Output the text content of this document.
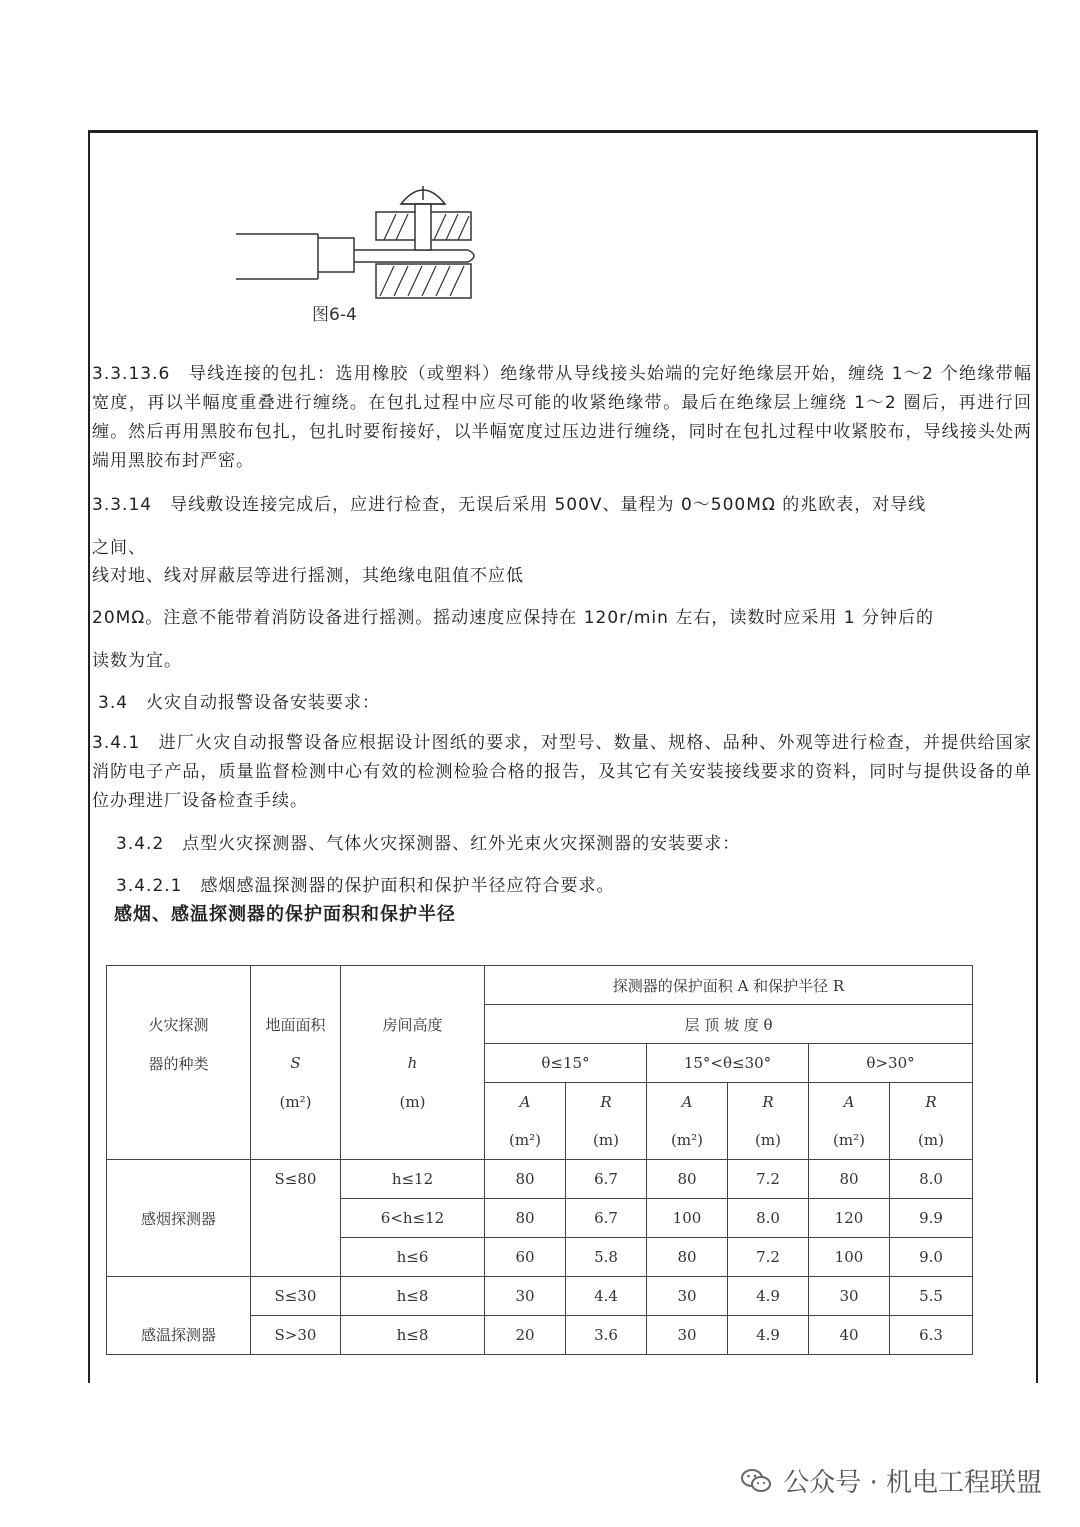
图6-4
3.3.13.6　导线连接的包扎：选用橡胶（或塑料）绝缘带从导线接头始端的完好绝缘层开始，缠绕 1～2 个绝缘带幅宽度，再以半幅度重叠进行缠绕。在包扎过程中应尽可能的收紧绝缘带。最后在绝缘层上缠绕 1～2 圈后，再进行回缠。然后再用黑胶布包扎，包扎时要衔接好，以半幅宽度过压边进行缠绕，同时在包扎过程中收紧胶布，导线接头处两端用黑胶布封严密。
3.3.14　导线敷设连接完成后，应进行检查，无误后采用 500V、量程为 0～500MΩ 的兆欧表，对导线
之间、
线对地、线对屏蔽层等进行摇测，其绝缘电阻值不应低
20MΩ。注意不能带着消防设备进行摇测。摇动速度应保持在 120r/min 左右，读数时应采用 1 分钟后的
读数为宜。
3.4　火灾自动报警设备安装要求：
3.4.1　进厂火灾自动报警设备应根据设计图纸的要求，对型号、数量、规格、品种、外观等进行检查，并提供给国家消防电子产品，质量监督检测中心有效的检测检验合格的报告，及其它有关安装接线要求的资料，同时与提供设备的单位办理进厂设备检查手续。
3.4.2　点型火灾探测器、气体火灾探测器、红外光束火灾探测器的安装要求：
3.4.2.1　感烟感温探测器的保护面积和保护半径应符合要求。
感烟、感温探测器的保护面积和保护半径
			探测器的保护面积 A 和保护半径 R					
火灾探测	地面面积	房间高度	层 顶 坡 度 θ					
器的种类	S	h	θ≤15°		15°<θ≤30°		θ>30°	
	(m²)	(m)	A	R	A	R	A	R
			(m²)	(m)	(m²)	(m)	(m²)	(m)
	S≤80	h≤12	80	6.7	80	7.2	80	8.0
感烟探测器		6<h≤12	80	6.7	100	8.0	120	9.9
		h≤6	60	5.8	80	7.2	100	9.0
	S≤30	h≤8	30	4.4	30	4.9	30	5.5
感温探测器	S>30	h≤8	20	3.6	30	4.9	40	6.3
公众号 · 机电工程联盟
